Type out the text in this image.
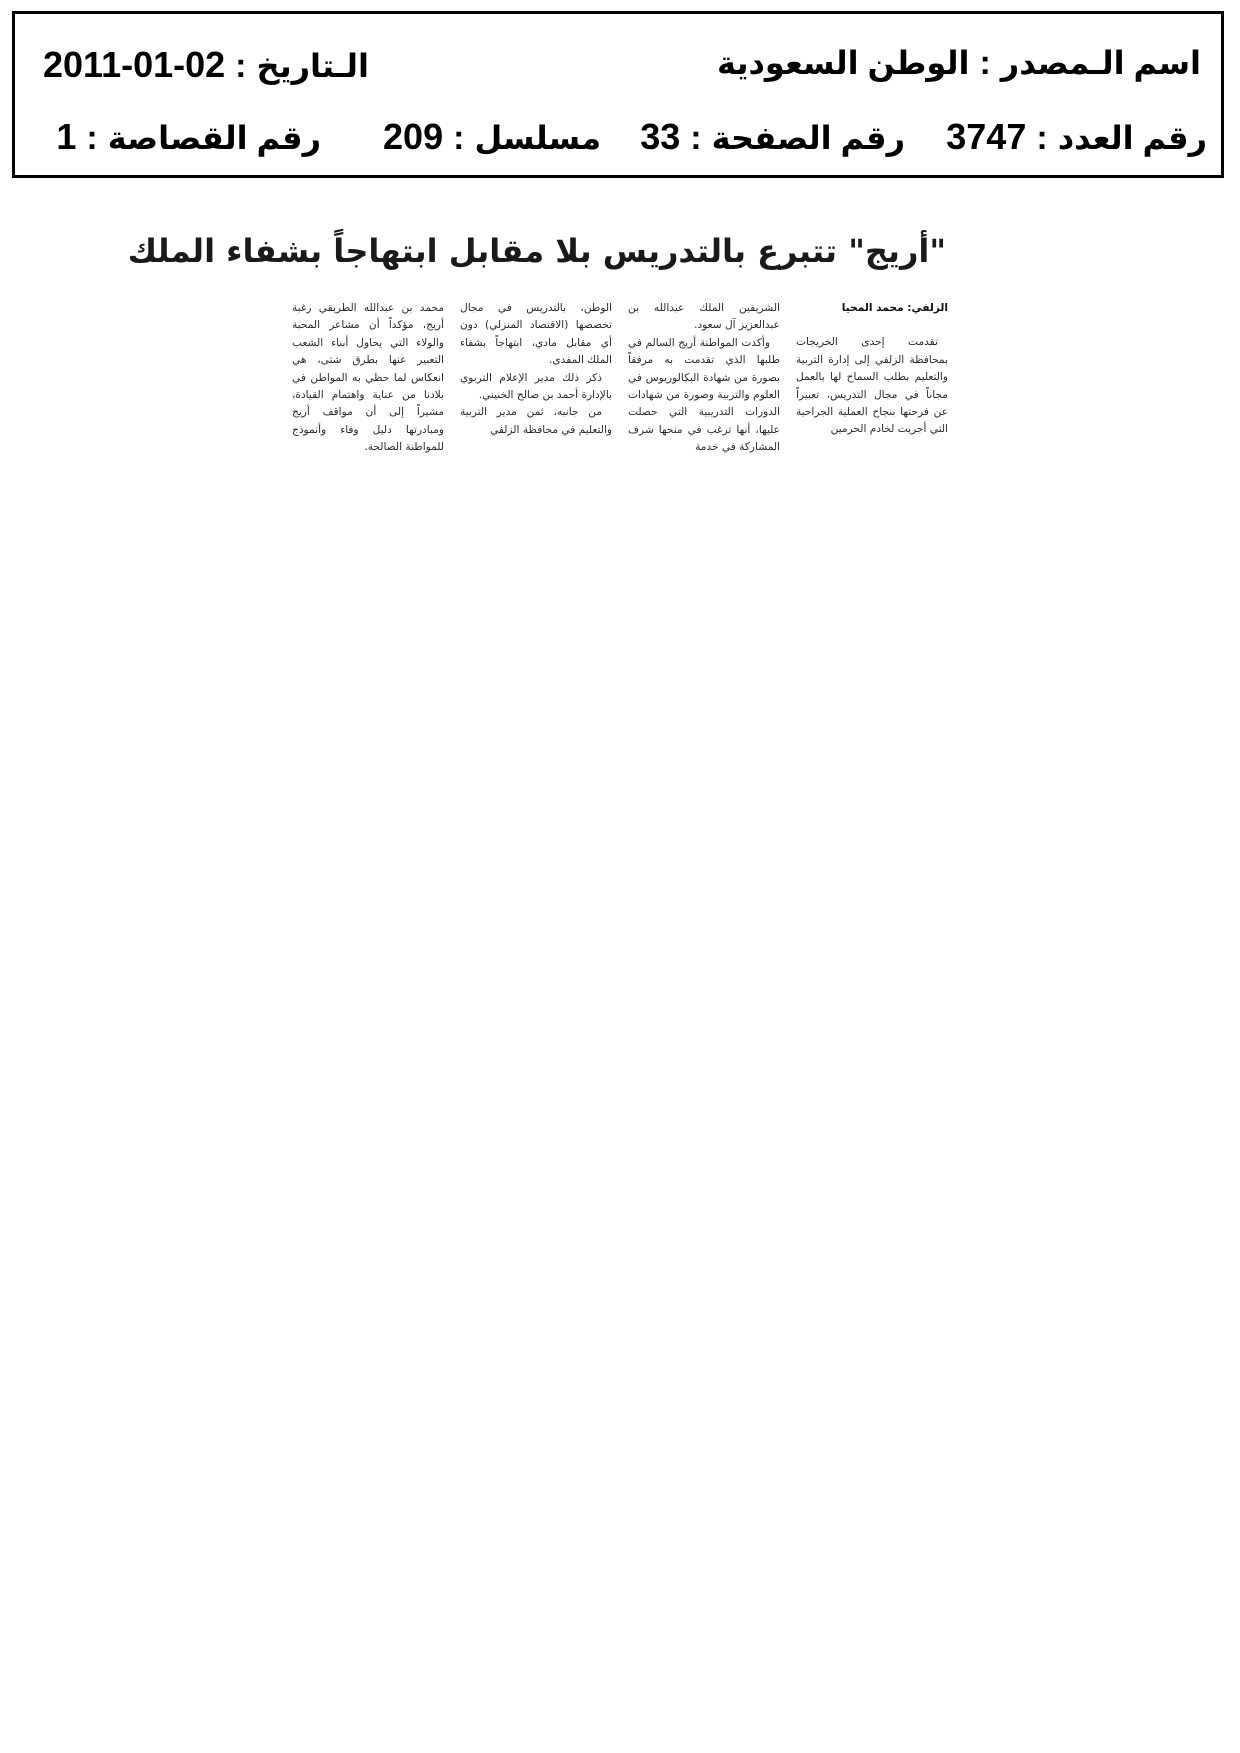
اسم الـمصدر:الوطن السعودية
الـتاريخ:2011-01-02
رقم العدد:3747
رقم الصفحة:33
مسلسل:209
رقم القصاصة:1
"أريج" تتبرع بالتدريس بلا مقابل ابتهاجاً بشفاء الملك

الزلفي: محمد المحيا

تقدمت إحدى الخريجات بمحافظة الزلفي إلى إدارة التربية والتعليم بطلب السماح لها بالعمل مجاناً في مجال التدريس، تعبيراً عن فرحتها بنجاح العملية الجراحية التي أجريت لخادم الحرمين

الشريفين الملك عبدالله بن عبدالعزيز آل سعود.

وأكدت المواطنة أريج السالم في طلبها الذي تقدمت به مرفقاً بصورة من شهادة البكالوريوس في العلوم والتربية وصورة من شهادات الدورات التدريبية التي حصلت عليها، أنها ترغب في منحها شرف المشاركة في خدمة

الوطن، بالتدريس في مجال تخصصها (الاقتصاد المنزلي) دون أي مقابل مادي، ابتهاجاً بشفاء الملك المفدى.

ذكر ذلك مدير الإعلام التربوي بالإدارة أحمد بن صالح الخنيني.

من جانبه، ثمن مدير التربية والتعليم في محافظة الزلفي

محمد بن عبدالله الطريقي رغبة أريج، مؤكداً أن مشاعر المحبة والولاء التي يحاول أبناء الشعب التعبير عنها بطرق شتى، هي انعكاس لما حظي به المواطن في بلادنا من عناية واهتمام القيادة، مشيراً إلى أن مواقف أريج ومبادرتها دليل وفاء وأنموذج للمواطنة الصالحة.
